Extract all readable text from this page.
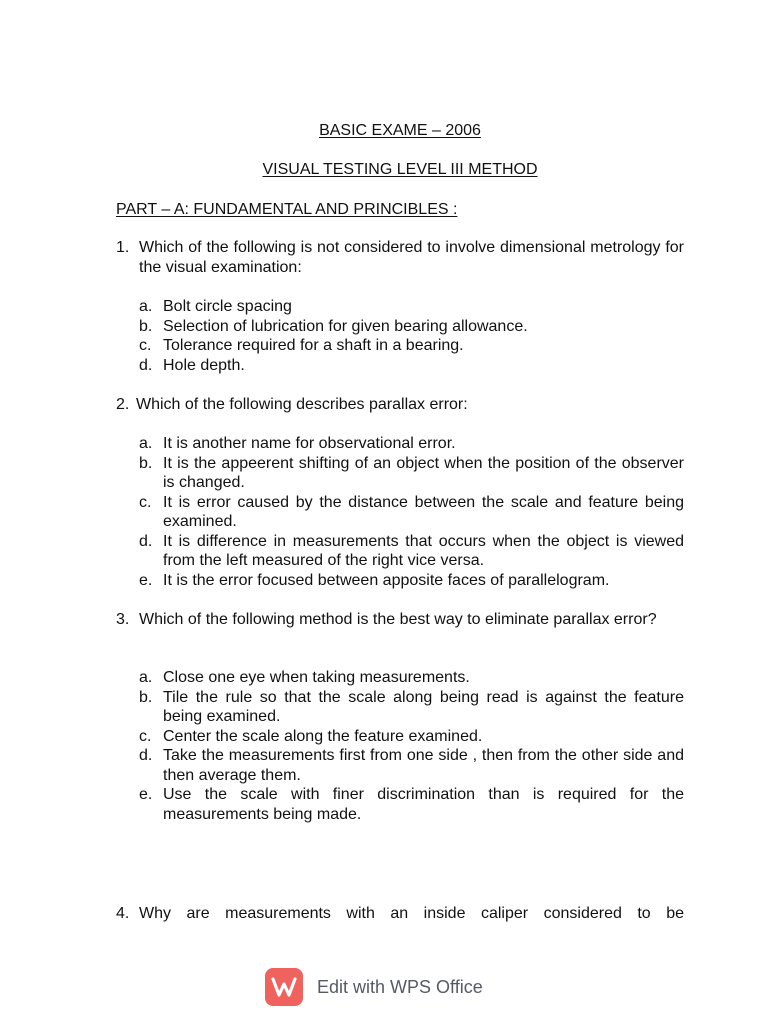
BASIC EXAME – 2006
VISUAL TESTING LEVEL III METHOD
PART – A: FUNDAMENTAL AND PRINCIBLES :
1. Which of the following is not considered to involve dimensional metrology for the visual examination:
a. Bolt circle spacing
b. Selection of lubrication for given bearing allowance.
c. Tolerance required for a shaft in a bearing.
d. Hole depth.
2. Which of the following describes parallax error:
a. It is another name for observational error.
b. It is the appeerent shifting of an object when the position of the observer is changed.
c. It is error caused by the distance between the scale and feature being examined.
d. It is difference in measurements that occurs when the object is viewed from the left measured of the right vice versa.
e. It is the error focused between apposite faces of parallelogram.
3. Which of the following method is the best way to eliminate parallax error?
a. Close one eye when taking measurements.
b. Tile the rule so that the scale along being read is against the feature being examined.
c. Center the scale along the feature examined.
d. Take the measurements first from one side , then from the other side and then average them.
e. Use the scale with finer discrimination than is required for the measurements being made.
4. Why are measurements with an inside caliper considered to be
Edit with WPS Office
